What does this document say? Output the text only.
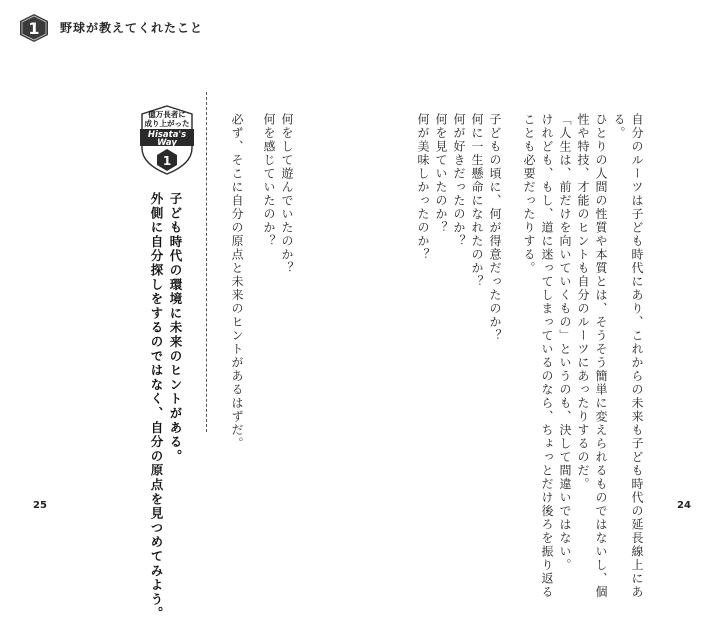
1 野球が教えてくれたこと
自分のルーツは子ども時代にあり、これからの未来も子ども時代の延長線上にあ
る。
ひとりの人間の性質や本質とは、そうそう簡単に変えられるものではないし、個
性や特技、才能のヒントも自分のルーツにあったりするのだ。
「人生は、前だけを向いていくもの」というのも、決して間違いではない。
けれども、もし、道に迷ってしまっているのなら、ちょっとだけ後ろを振り返る
ことも必要だったりする。
子どもの頃に、何が得意だったのか？
何に一生懸命になれたのか？
何が好きだったのか？
何を見ていたのか？
何が美味しかったのか？
何をして遊んでいたのか？
何を感じていたのか？
必ず、そこに自分の原点と未来のヒントがあるはずだ。
億万長者に
成り上がった
Hisata's
Way
1
子ども時代の環境に未来のヒントがある。
外側に自分探しをするのではなく、自分の原点を見つめてみよう。
25	24
